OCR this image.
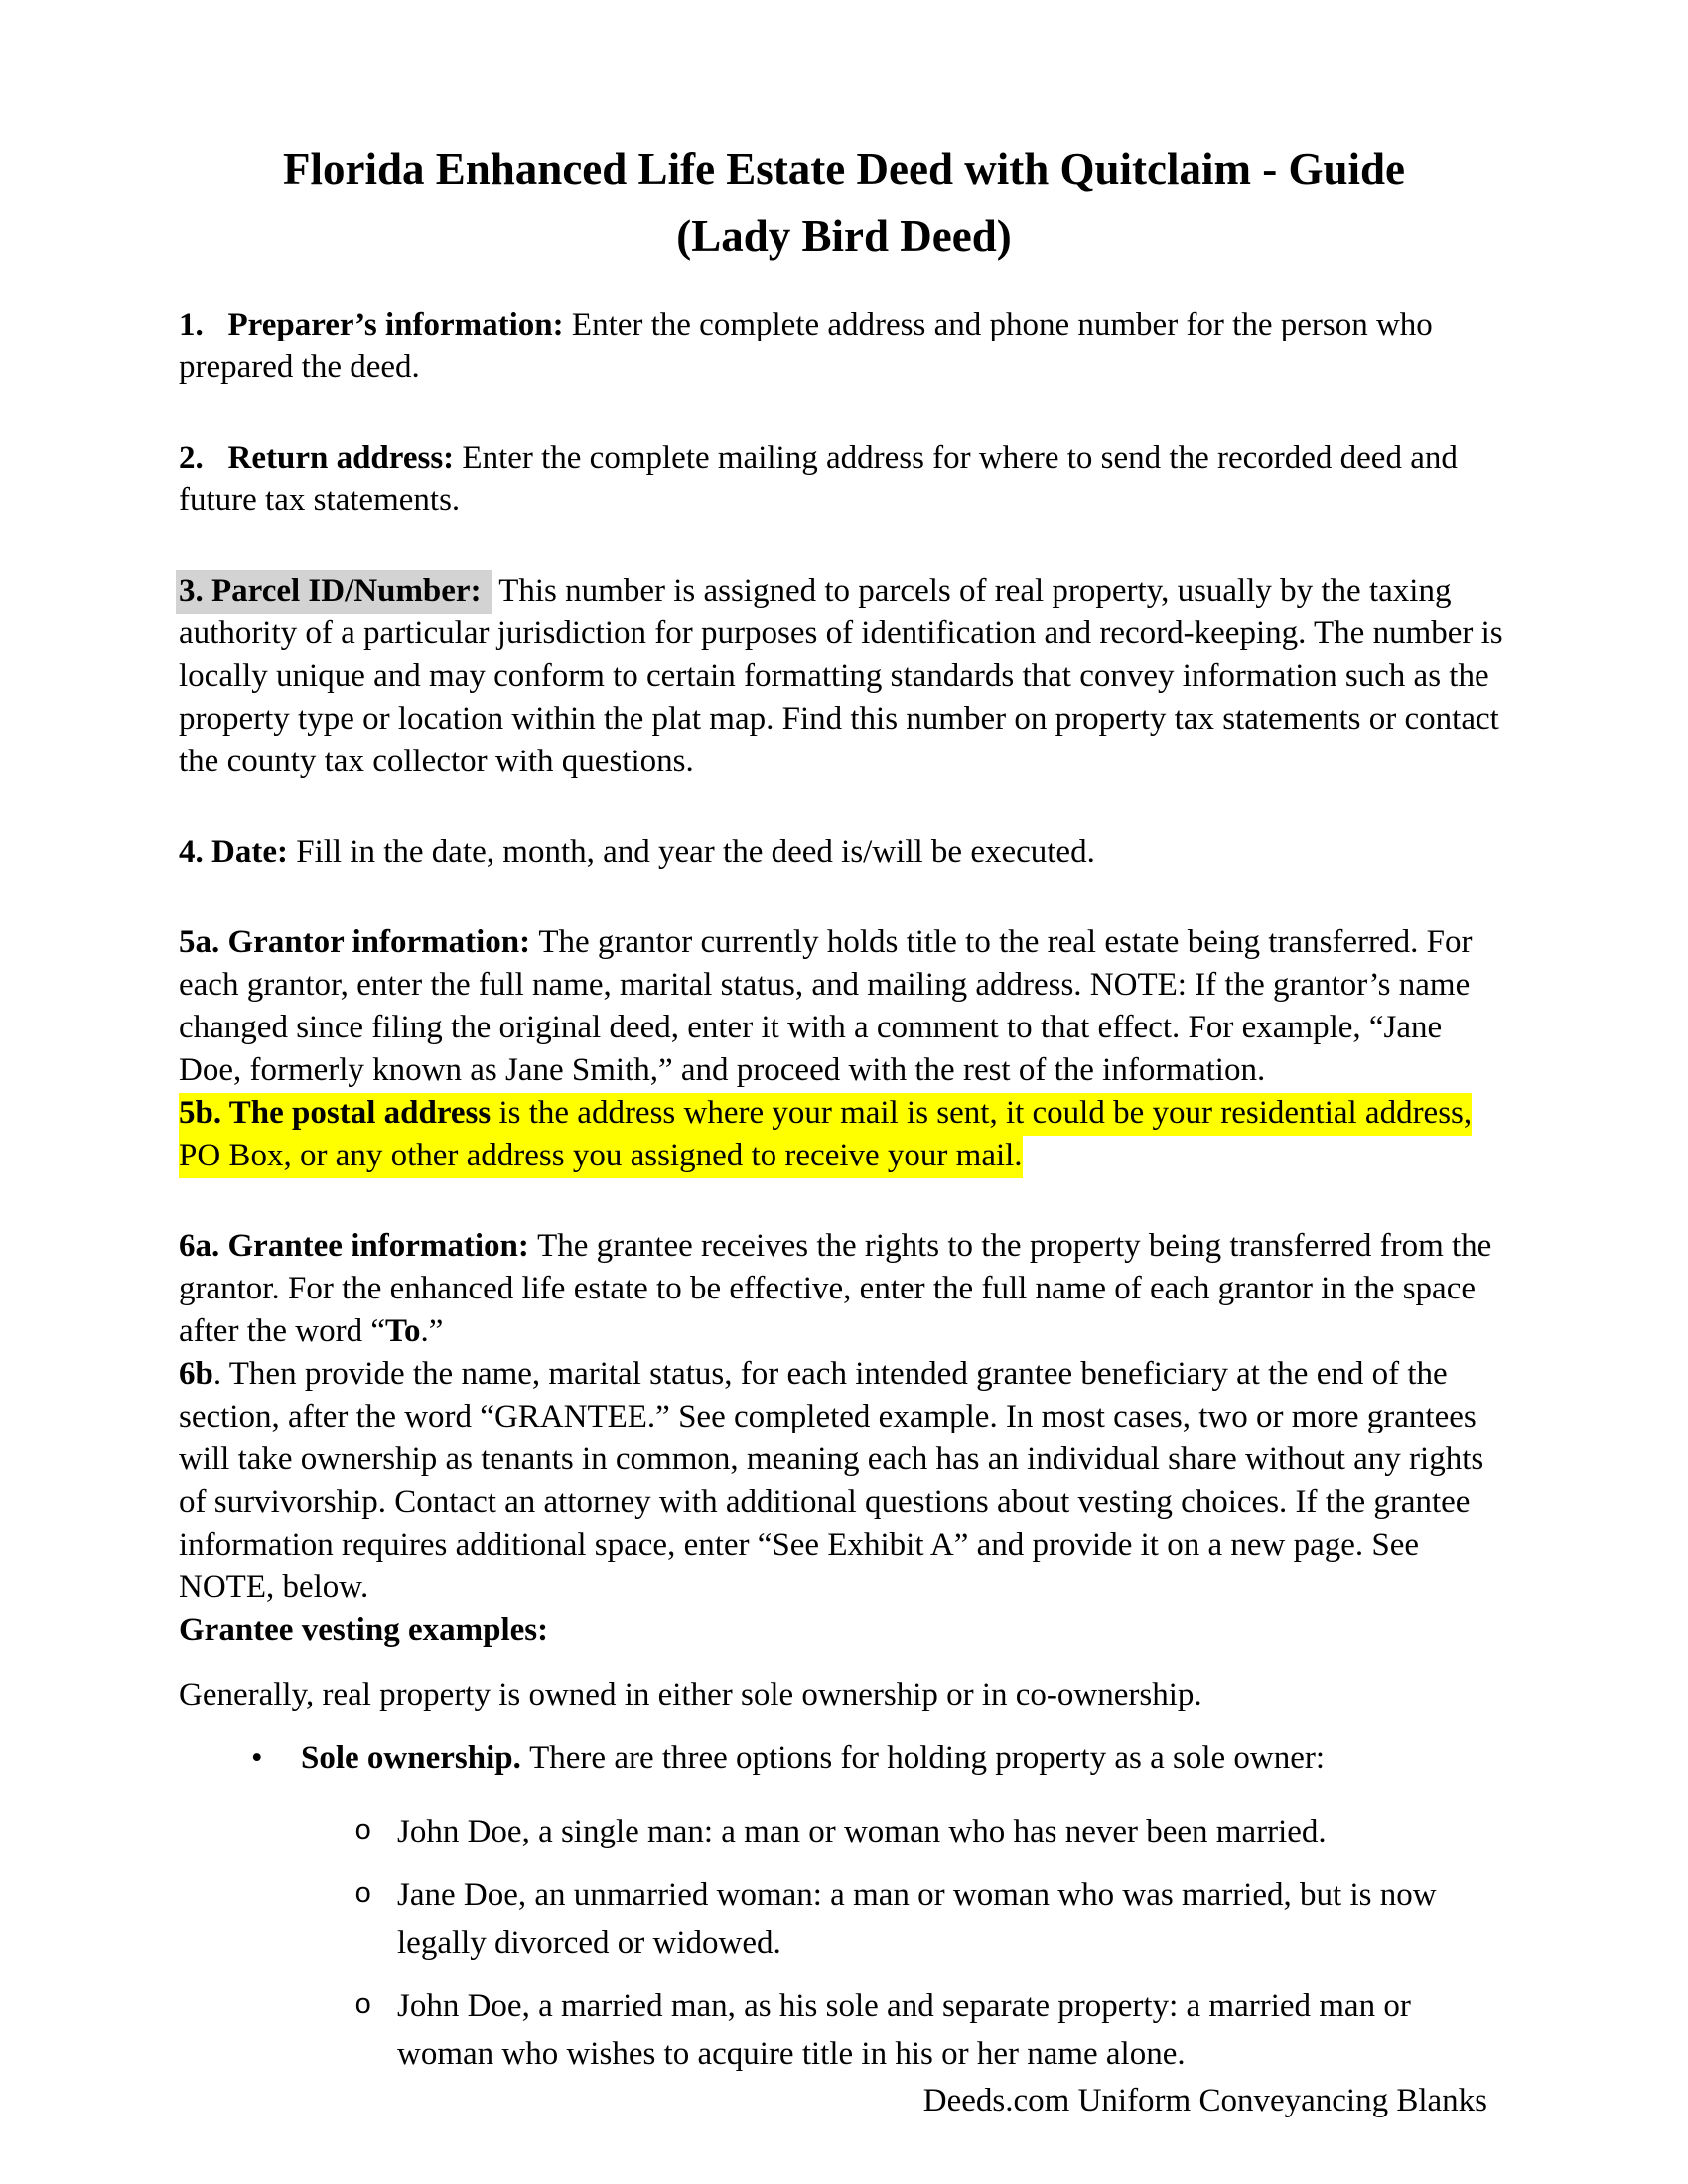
Florida Enhanced Life Estate Deed with Quitclaim - Guide
(Lady Bird Deed)

1.   Preparer’s information: Enter the complete address and phone number for the person who prepared the deed.

2.   Return address: Enter the complete mailing address for where to send the recorded deed and future tax statements.

3. Parcel ID/Number: This number is assigned to parcels of real property, usually by the taxing authority of a particular jurisdiction for purposes of identification and record-keeping. The number is locally unique and may conform to certain formatting standards that convey information such as the property type or location within the plat map. Find this number on property tax statements or contact the county tax collector with questions.

4. Date: Fill in the date, month, and year the deed is/will be executed.

5a. Grantor information: The grantor currently holds title to the real estate being transferred. For each grantor, enter the full name, marital status, and mailing address. NOTE: If the grantor’s name changed since filing the original deed, enter it with a comment to that effect. For example, “Jane Doe, formerly known as Jane Smith,” and proceed with the rest of the information.

5b. The postal address is the address where your mail is sent, it could be your residential address, PO Box, or any other address you assigned to receive your mail.

6a. Grantee information: The grantee receives the rights to the property being transferred from the grantor. For the enhanced life estate to be effective, enter the full name of each grantor in the space after the word “To.”

6b. Then provide the name, marital status, for each intended grantee beneficiary at the end of the section, after the word “GRANTEE.” See completed example. In most cases, two or more grantees will take ownership as tenants in common, meaning each has an individual share without any rights of survivorship. Contact an attorney with additional questions about vesting choices. If the grantee information requires additional space, enter “See Exhibit A” and provide it on a new page. See NOTE, below.

Grantee vesting examples:

Generally, real property is owned in either sole ownership or in co-ownership.

•	Sole ownership. There are three options for holding property as a sole owner:
o John Doe, a single man: a man or woman who has never been married.
o Jane Doe, an unmarried woman: a man or woman who was married, but is now legally divorced or widowed.
o John Doe, a married man, as his sole and separate property: a married man or woman who wishes to acquire title in his or her name alone.
Deeds.com Uniform Conveyancing Blanks
